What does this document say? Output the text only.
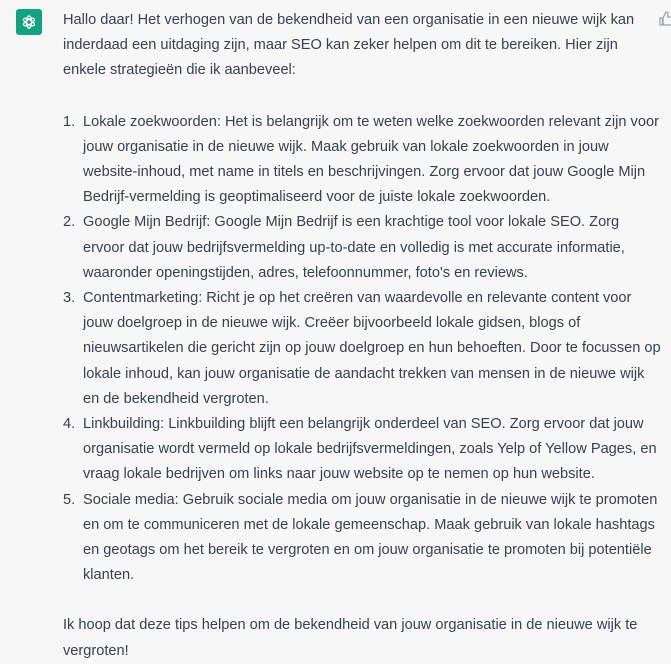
Hallo daar! Het verhogen van de bekendheid van een organisatie in een nieuwe wijk kan inderdaad een uitdaging zijn, maar SEO kan zeker helpen om dit te bereiken. Hier zijn enkele strategieën die ik aanbeveel:

1. Lokale zoekwoorden: Het is belangrijk om te weten welke zoekwoorden relevant zijn voor jouw organisatie in de nieuwe wijk. Maak gebruik van lokale zoekwoorden in jouw website-inhoud, met name in titels en beschrijvingen. Zorg ervoor dat jouw Google Mijn Bedrijf-vermelding is geoptimaliseerd voor de juiste lokale zoekwoorden.
2. Google Mijn Bedrijf: Google Mijn Bedrijf is een krachtige tool voor lokale SEO. Zorg ervoor dat jouw bedrijfsvermelding up-to-date en volledig is met accurate informatie, waaronder openingstijden, adres, telefoonnummer, foto's en reviews.
3. Contentmarketing: Richt je op het creëren van waardevolle en relevante content voor jouw doelgroep in de nieuwe wijk. Creëer bijvoorbeeld lokale gidsen, blogs of nieuwsartikelen die gericht zijn op jouw doelgroep en hun behoeften. Door te focussen op lokale inhoud, kan jouw organisatie de aandacht trekken van mensen in de nieuwe wijk en de bekendheid vergroten.
4. Linkbuilding: Linkbuilding blijft een belangrijk onderdeel van SEO. Zorg ervoor dat jouw organisatie wordt vermeld op lokale bedrijfsvermeldingen, zoals Yelp of Yellow Pages, en vraag lokale bedrijven om links naar jouw website op te nemen op hun website.
5. Sociale media: Gebruik sociale media om jouw organisatie in de nieuwe wijk te promoten en om te communiceren met de lokale gemeenschap. Maak gebruik van lokale hashtags en geotags om het bereik te vergroten en om jouw organisatie te promoten bij potentiële klanten.

Ik hoop dat deze tips helpen om de bekendheid van jouw organisatie in de nieuwe wijk te vergroten!
